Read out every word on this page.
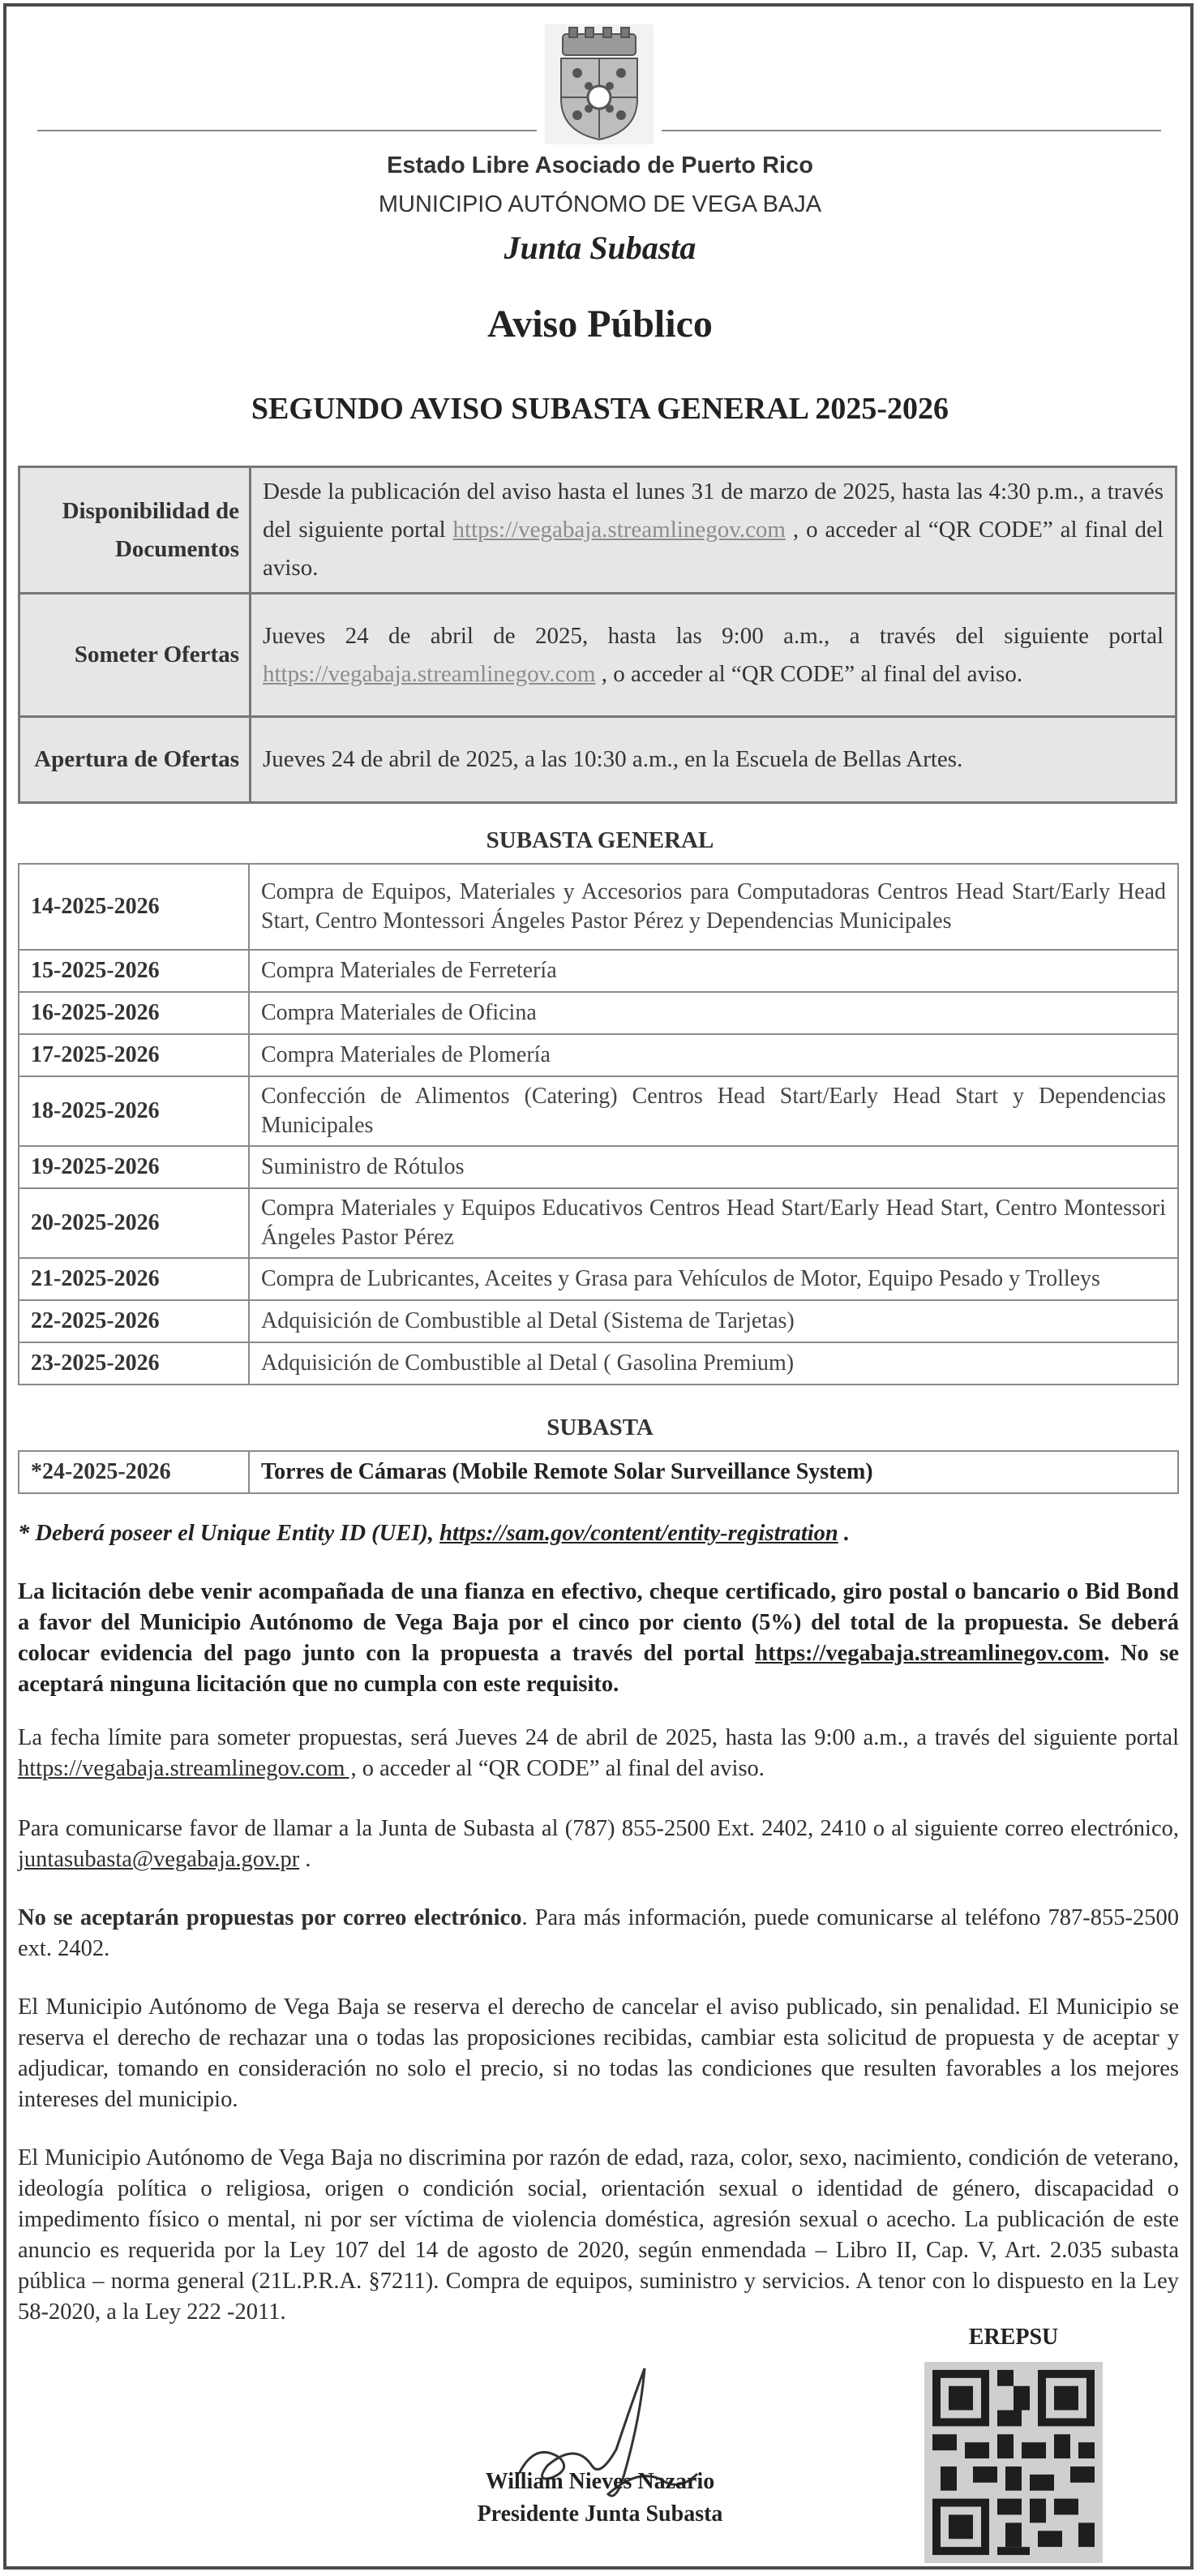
Estado Libre Asociado de Puerto Rico
MUNICIPIO AUTÓNOMO DE VEGA BAJA
Junta Subasta
Aviso Público
SEGUNDO AVISO SUBASTA GENERAL 2025-2026
Disponibilidad de Documentos	Desde la publicación del aviso hasta el lunes 31 de marzo de 2025, hasta las 4:30 p.m., a través del siguiente portal https://vegabaja.streamlinegov.com , o acceder al “QR CODE” al final del aviso.
Someter Ofertas	Jueves 24 de abril de 2025, hasta las 9:00 a.m., a través del siguiente portal https://vegabaja.streamlinegov.com , o acceder al “QR CODE” al final del aviso.
Apertura de Ofertas	Jueves 24 de abril de 2025, a las 10:30 a.m., en la Escuela de Bellas Artes.
SUBASTA GENERAL
14-2025-2026	Compra de Equipos, Materiales y Accesorios para Computadoras Centros Head Start/Early Head Start, Centro Montessori Ángeles Pastor Pérez y Dependencias Municipales
15-2025-2026	Compra Materiales de Ferretería
16-2025-2026	Compra Materiales de Oficina
17-2025-2026	Compra Materiales de Plomería
18-2025-2026	Confección de Alimentos (Catering) Centros Head Start/Early Head Start y Dependencias Municipales
19-2025-2026	Suministro de Rótulos
20-2025-2026	Compra Materiales y Equipos Educativos Centros Head Start/Early Head Start, Centro Montessori Ángeles Pastor Pérez
21-2025-2026	Compra de Lubricantes, Aceites y Grasa para Vehículos de Motor, Equipo Pesado y Trolleys
22-2025-2026	Adquisición de Combustible al Detal (Sistema de Tarjetas)
23-2025-2026	Adquisición de Combustible al Detal ( Gasolina Premium)
SUBASTA
*24-2025-2026	Torres de Cámaras (Mobile Remote Solar Surveillance System)
* Deberá poseer el Unique Entity ID (UEI), https://sam.gov/content/entity-registration .
La licitación debe venir acompañada de una fianza en efectivo, cheque certificado, giro postal o bancario o Bid Bond a favor del Municipio Autónomo de Vega Baja por el cinco por ciento (5%) del total de la propuesta. Se deberá colocar evidencia del pago junto con la propuesta a través del portal https://vegabaja.streamlinegov.com. No se aceptará ninguna licitación que no cumpla con este requisito.
La fecha límite para someter propuestas, será Jueves 24 de abril de 2025, hasta las 9:00 a.m., a través del siguiente portal https://vegabaja.streamlinegov.com , o acceder al “QR CODE” al final del aviso.
Para comunicarse favor de llamar a la Junta de Subasta al (787) 855-2500 Ext. 2402, 2410 o al siguiente correo electrónico, juntasubasta@vegabaja.gov.pr .
No se aceptarán propuestas por correo electrónico. Para más información, puede comunicarse al teléfono 787-855-2500 ext. 2402.
El Municipio Autónomo de Vega Baja se reserva el derecho de cancelar el aviso publicado, sin penalidad. El Municipio se reserva el derecho de rechazar una o todas las proposiciones recibidas, cambiar esta solicitud de propuesta y de aceptar y adjudicar, tomando en consideración no solo el precio, si no todas las condiciones que resulten favorables a los mejores intereses del municipio.
El Municipio Autónomo de Vega Baja no discrimina por razón de edad, raza, color, sexo, nacimiento, condición de veterano, ideología política o religiosa, origen o condición social, orientación sexual o identidad de género, discapacidad o impedimento físico o mental, ni por ser víctima de violencia doméstica, agresión sexual o acecho. La publicación de este anuncio es requerida por la Ley 107 del 14 de agosto de 2020, según enmendada – Libro II, Cap. V, Art. 2.035 subasta pública – norma general (21L.P.R.A. §7211). Compra de equipos, suministro y servicios. A tenor con lo dispuesto en la Ley 58-2020, a la Ley 222 -2011.
EREPSU
William Nieves Nazario
Presidente Junta Subasta
